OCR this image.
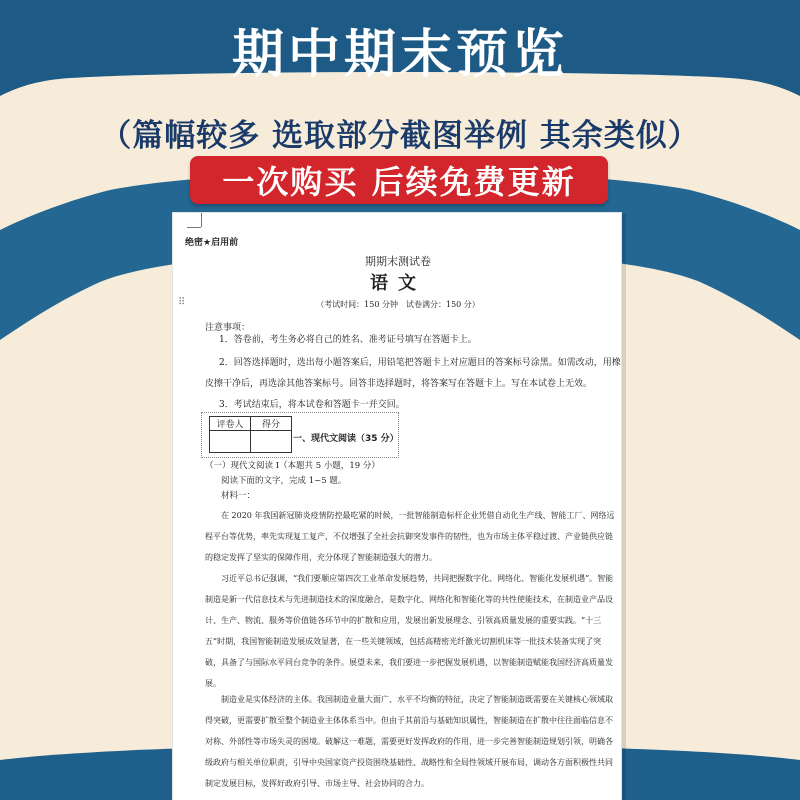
期中期末预览
（篇幅较多 选取部分截图举例 其余类似）
一次购买 后续免费更新
⠿
绝密★启用前
期期末测试卷
语文
（考试时间：150 分钟　试卷满分：150 分）
注意事项：
1．答卷前，考生务必将自己的姓名、准考证号填写在答题卡上。
2．回答选择题时，选出每小题答案后，用铅笔把答题卡上对应题目的答案标号涂黑。如需改动，用橡
皮擦干净后，再选涂其他答案标号。回答非选择题时，将答案写在答题卡上。写在本试卷上无效。
3．考试结束后，将本试卷和答题卡一并交回。
评卷人	得分

一、现代文阅读（35 分）
（一）现代文阅读 I（本题共 5 小题，19 分）
阅读下面的文字，完成 1~5 题。
材料一：

在 2020 年我国新冠肺炎疫情防控最吃紧的时候，一批智能制造标杆企业凭借自动化生产线、智能工厂、网络远程平台等优势，率先实现复工复产，不仅增强了全社会抗御突发事件的韧性，也为市场主体平稳过渡、产业链供应链的稳定发挥了坚实的保障作用，充分体现了智能制造强大的潜力。

习近平总书记强调，“我们要顺应第四次工业革命发展趋势，共同把握数字化、网络化、智能化发展机遇”。智能制造是新一代信息技术与先进制造技术的深度融合，是数字化、网络化和智能化等的共性使能技术，在制造业产品设计、生产、物流、服务等价值链各环节中的扩散和应用，发展出新发展理念、引领高质量发展的重要实践。“十三五”时期，我国智能制造发展成效显著，在一些关键领域，包括高精密光纤激光切割机床等一批技术装备实现了突破，具备了与国际水平同台竞争的条件。展望未来，我们要进一步把握发展机遇，以智能制造赋能我国经济高质量发展。

制造业是实体经济的主体。我国制造业量大面广、水平不均衡的特征，决定了智能制造既需要在关键核心领域取得突破，更需要扩散至整个制造业主体体系当中。但由于其前沿与基础知识属性，智能制造在扩散中往往面临信息不对称、外部性等市场失灵的困境。破解这一难题，需要更好发挥政府的作用，进一步完善智能制造规划引领，明确各级政府与相关单位职责，引导中央国家资产投资围绕基础性、战略性和全局性领域开展布局，调动各方面积极性共同制定发展目标，发挥好政府引导、市场主导、社会协同的合力。
